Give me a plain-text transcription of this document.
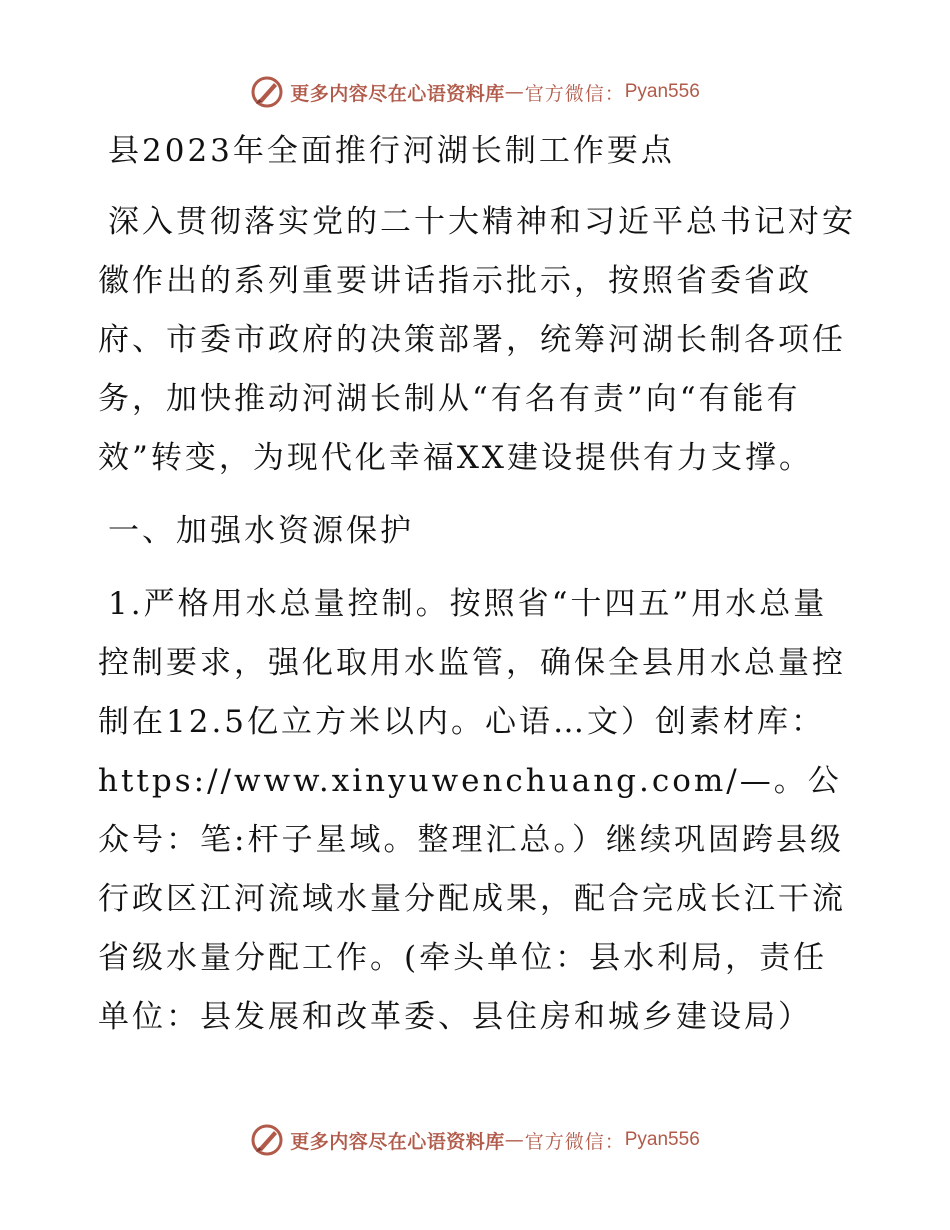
更多内容尽在心语资料库 — 官方微信： Pyan556

县2023年全面推行河湖长制工作要点

深入贯彻落实党的二十大精神和习近平总书记对安徽作出的系列重要讲话指示批示，按照省委省政府、市委市政府的决策部署，统筹河湖长制各项任务，加快推动河湖长制从“有名有责”向“有能有效”转变，为现代化幸福XX建设提供有力支撑。

一、加强水资源保护

1.严格用水总量控制。按照省“十四五”用水总量控制要求，强化取用水监管，确保全县用水总量控制在12.5亿立方米以内。心语…文）创素材库：https://www.xinyuwenchuang.com/—。公众号：笔:杆子星域。整理汇总。）继续巩固跨县级行政区江河流域水量分配成果，配合完成长江干流省级水量分配工作。(牵头单位：县水利局，责任单位：县发展和改革委、县住房和城乡建设局）

更多内容尽在心语资料库 — 官方微信： Pyan556
